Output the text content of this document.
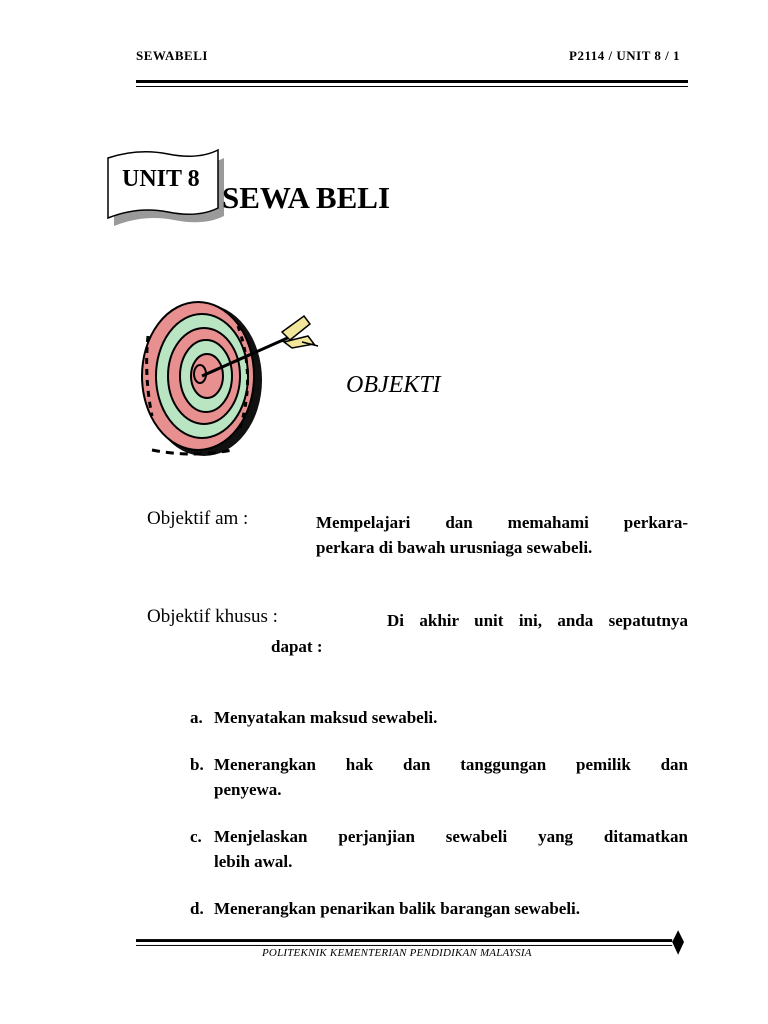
SEWABELI	P2114 / UNIT 8 / 1
UNIT 8
SEWA BELI
OBJEKTI
Objektif am :	Mempelajari dan memahami perkara-
perkara di bawah urusniaga sewabeli.
Objektif khusus :	Di akhir unit ini, anda sepatutnya
dapat :
a. Menyatakan maksud sewabeli.
b. Menerangkan hak dan tanggungan pemilik dan
penyewa.
c. Menjelaskan perjanjian sewabeli yang ditamatkan
lebih awal.
d. Menerangkan penarikan balik barangan sewabeli.
POLITEKNIK KEMENTERIAN PENDIDIKAN MALAYSIA
